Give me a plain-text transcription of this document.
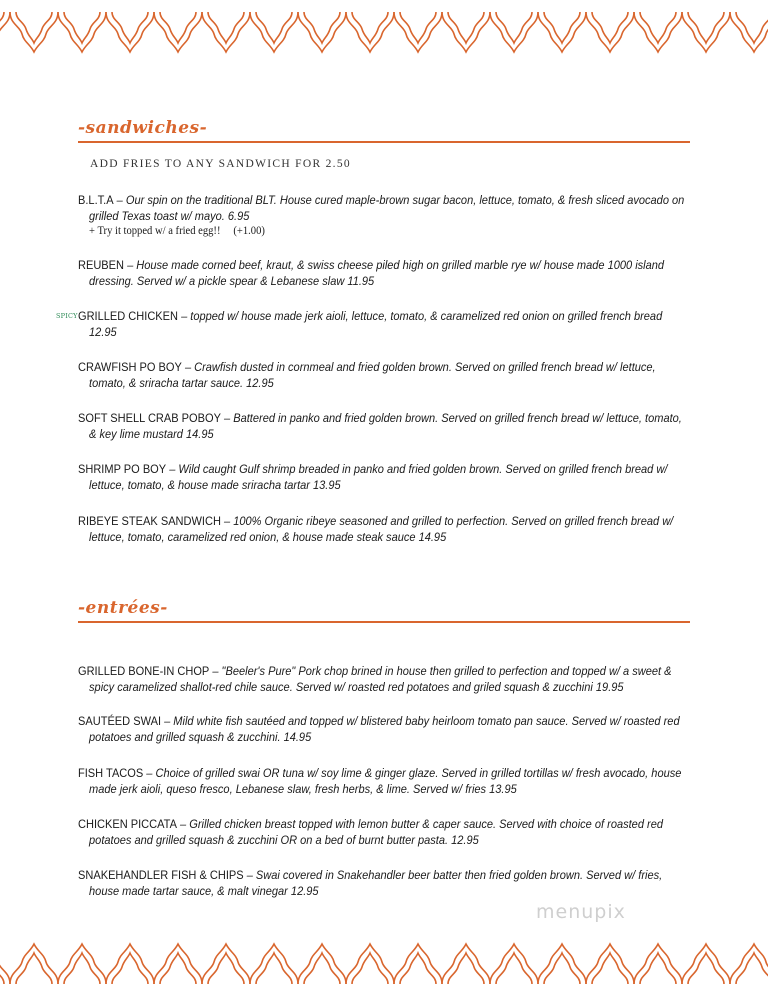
-sandwiches-
ADD FRIES TO ANY SANDWICH FOR 2.50
SPICY
B.L.T.A – Our spin on the traditional BLT. House cured maple-brown sugar bacon, lettuce, tomato, & fresh sliced avocado on grilled Texas toast w/ mayo. 6.95
+ Try it topped w/ a fried egg!! (+1.00)
REUBEN – House made corned beef, kraut, & swiss cheese piled high on grilled marble rye w/ house made 1000 island dressing. Served w/ a pickle spear & Lebanese slaw 11.95
GRILLED CHICKEN – topped w/ house made jerk aioli, lettuce, tomato, & caramelized red onion on grilled french bread 12.95
CRAWFISH PO BOY – Crawfish dusted in cornmeal and fried golden brown. Served on grilled french bread w/ lettuce, tomato, & sriracha tartar sauce. 12.95
SOFT SHELL CRAB POBOY – Battered in panko and fried golden brown. Served on grilled french bread w/ lettuce, tomato, & key lime mustard 14.95
SHRIMP PO BOY – Wild caught Gulf shrimp breaded in panko and fried golden brown. Served on grilled french bread w/ lettuce, tomato, & house made sriracha tartar 13.95
RIBEYE STEAK SANDWICH – 100% Organic ribeye seasoned and grilled to perfection. Served on grilled french bread w/ lettuce, tomato, caramelized red onion, & house made steak sauce 14.95
-entrées-
GRILLED BONE-IN CHOP – "Beeler's Pure" Pork chop brined in house then grilled to perfection and topped w/ a sweet & spicy caramelized shallot-red chile sauce. Served w/ roasted red potatoes and griled squash & zucchini 19.95
SAUTÉED SWAI – Mild white fish sautéed and topped w/ blistered baby heirloom tomato pan sauce. Served w/ roasted red potatoes and grilled squash & zucchini. 14.95
FISH TACOS – Choice of grilled swai OR tuna w/ soy lime & ginger glaze. Served in grilled tortillas w/ fresh avocado, house made jerk aioli, queso fresco, Lebanese slaw, fresh herbs, & lime. Served w/ fries 13.95
CHICKEN PICCATA – Grilled chicken breast topped with lemon butter & caper sauce. Served with choice of roasted red potatoes and grilled squash & zucchini OR on a bed of burnt butter pasta. 12.95
SNAKEHANDLER FISH & CHIPS – Swai covered in Snakehandler beer batter then fried golden brown. Served w/ fries, house made tartar sauce, & malt vinegar 12.95
menupix
